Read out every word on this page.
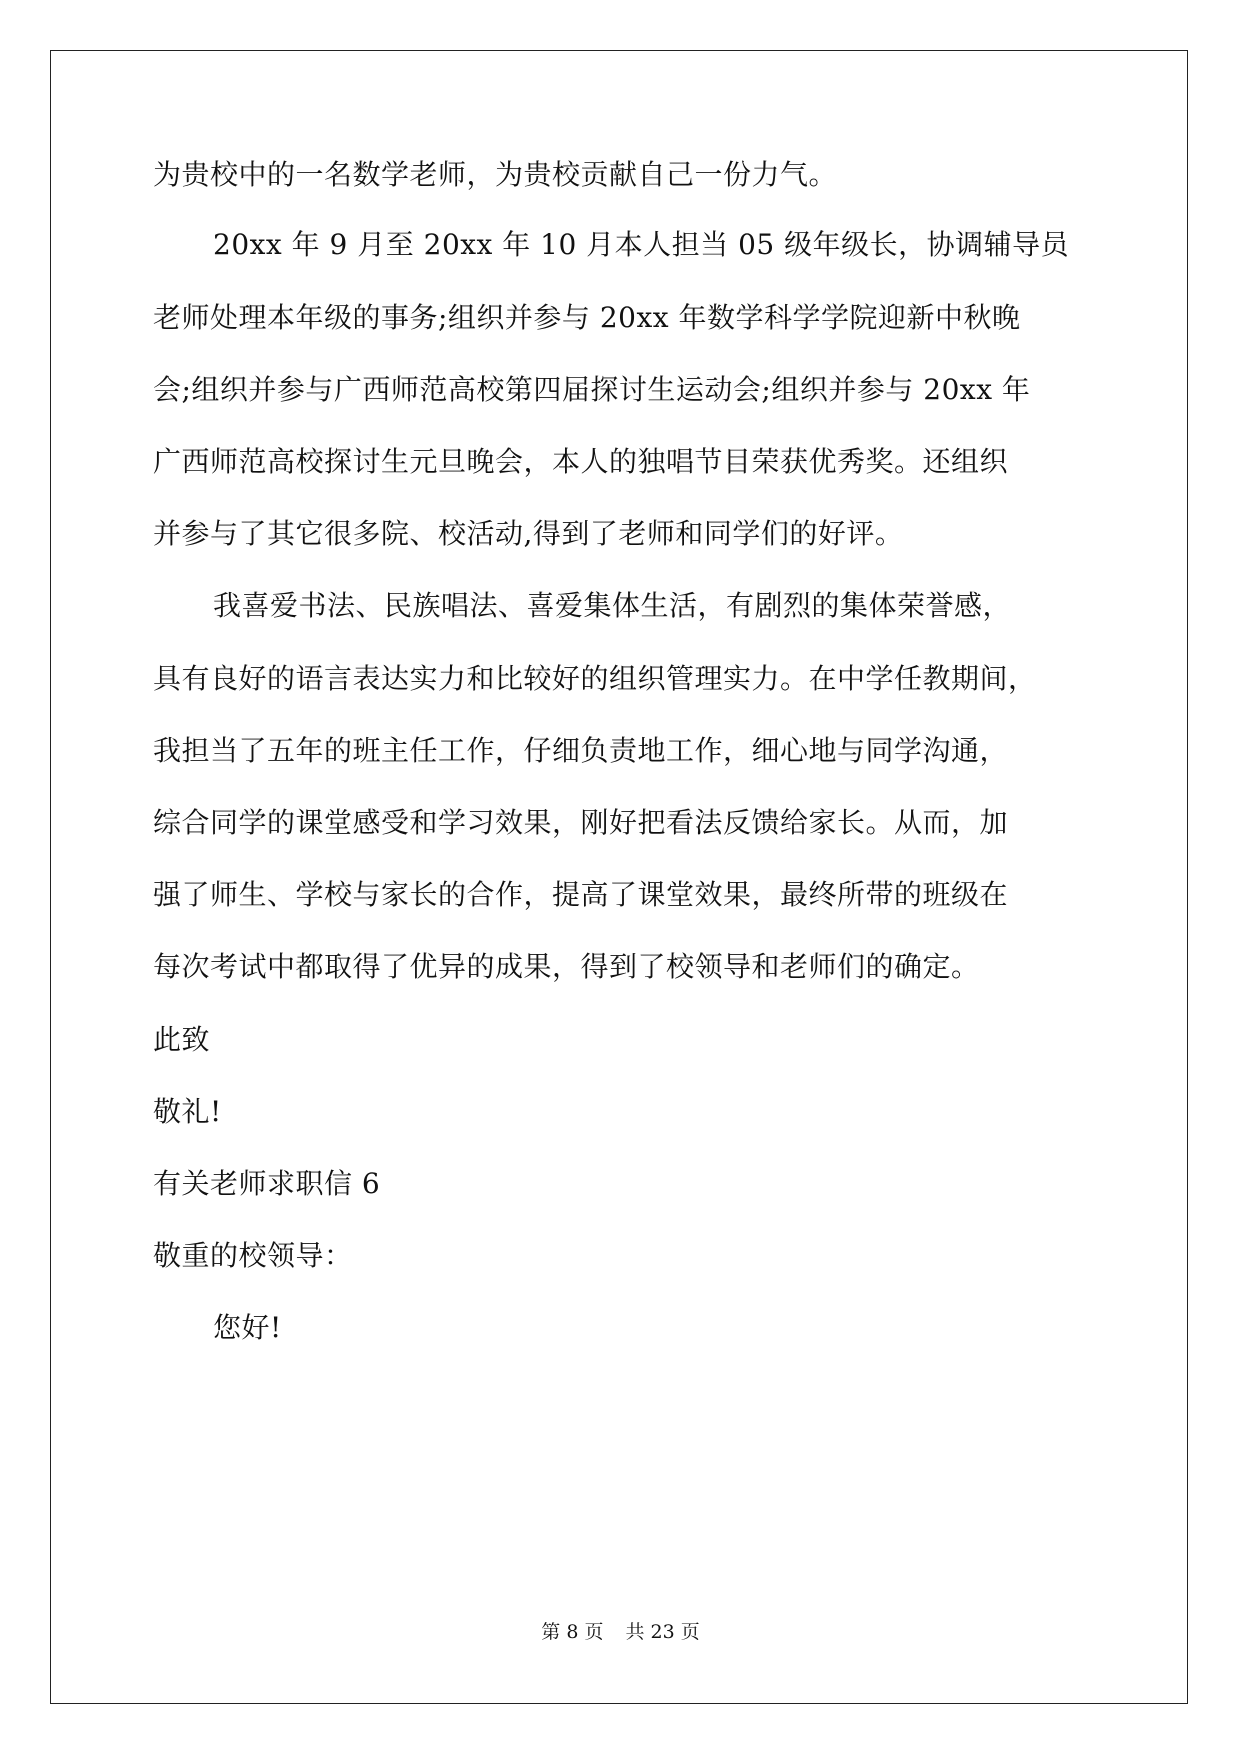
为贵校中的一名数学老师，为贵校贡献自己一份力气。
20xx 年 9 月至 20xx 年 10 月本人担当 05 级年级长，协调辅导员
老师处理本年级的事务;组织并参与 20xx 年数学科学学院迎新中秋晚
会;组织并参与广西师范高校第四届探讨生运动会;组织并参与 20xx 年
广西师范高校探讨生元旦晚会，本人的独唱节目荣获优秀奖。还组织
并参与了其它很多院、校活动,得到了老师和同学们的好评。
我喜爱书法、民族唱法、喜爱集体生活，有剧烈的集体荣誉感，
具有良好的语言表达实力和比较好的组织管理实力。在中学任教期间，
我担当了五年的班主任工作，仔细负责地工作，细心地与同学沟通，
综合同学的课堂感受和学习效果，刚好把看法反馈给家长。从而，加
强了师生、学校与家长的合作，提高了课堂效果，最终所带的班级在
每次考试中都取得了优异的成果，得到了校领导和老师们的确定。
此致
敬礼!
有关老师求职信 6
敬重的校领导：
您好!
第 8 页 共 23 页
